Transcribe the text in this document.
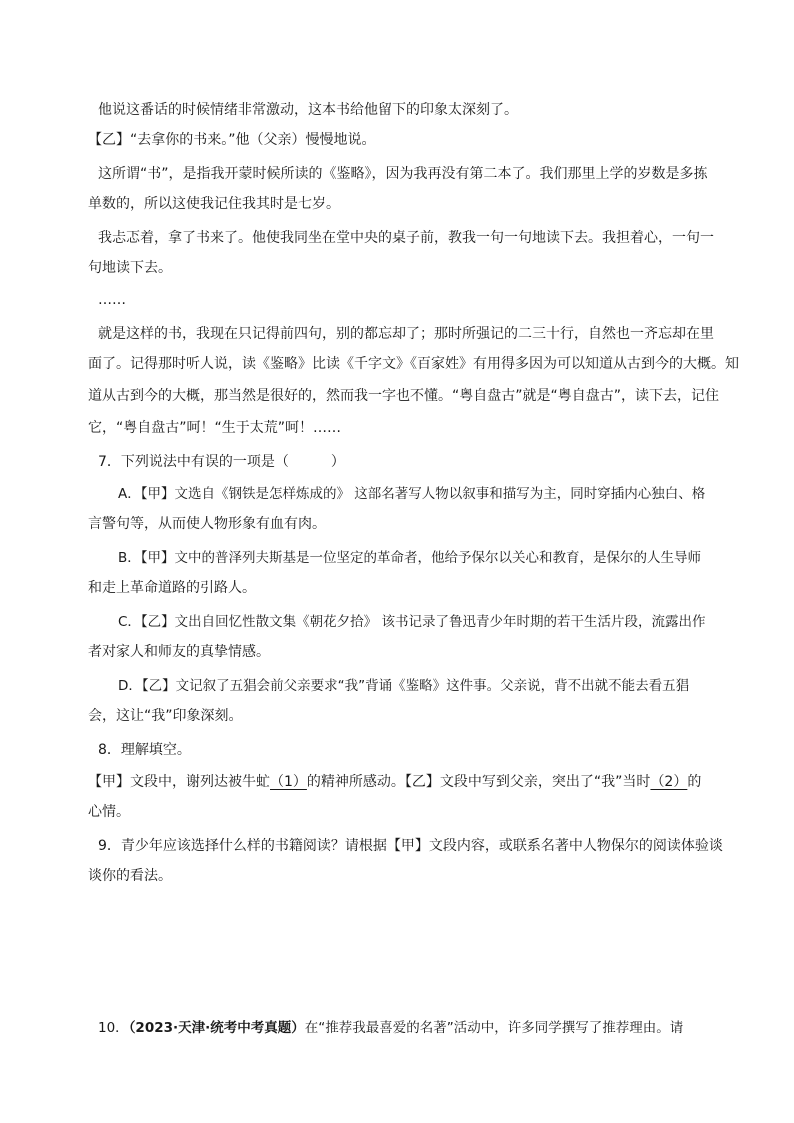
他说这番话的时候情绪非常激动，这本书给他留下的印象太深刻了。
【乙】“去拿你的书来。”他（父亲）慢慢地说。
这所谓“书”，是指我开蒙时候所读的《鉴略》，因为我再没有第二本了。我们那里上学的岁数是多拣
单数的，所以这使我记住我其时是七岁。
我忐忑着，拿了书来了。他使我同坐在堂中央的桌子前，教我一句一句地读下去。我担着心，一句一
句地读下去。
……
就是这样的书，我现在只记得前四句，别的都忘却了；那时所强记的二三十行，自然也一齐忘却在里
面了。记得那时听人说，读《鉴略》比读《千字文》《百家姓》有用得多因为可以知道从古到今的大概。知
道从古到今的大概，那当然是很好的，然而我一字也不懂。“粤自盘古”就是“粤自盘古”，读下去，记住
它，“粤自盘古”呵！“生于太荒”呵！……
7．下列说法中有误的一项是（　　　）
A．【甲】文选自《钢铁是怎样炼成的》 这部名著写人物以叙事和描写为主，同时穿插内心独白、格
言警句等，从而使人物形象有血有肉。
B．【甲】文中的普泽列夫斯基是一位坚定的革命者，他给予保尔以关心和教育，是保尔的人生导师
和走上革命道路的引路人。
C．【乙】文出自回忆性散文集《朝花夕拾》 该书记录了鲁迅青少年时期的若干生活片段，流露出作
者对家人和师友的真挚情感。
D．【乙】文记叙了五猖会前父亲要求“我”背诵《鉴略》这件事。父亲说，背不出就不能去看五猖
会，这让“我”印象深刻。
8．理解填空。
【甲】文段中，谢列达被牛虻（1）的精神所感动。【乙】文段中写到父亲，突出了“我”当时（2）的
心情。
9．青少年应该选择什么样的书籍阅读？请根据【甲】文段内容，或联系名著中人物保尔的阅读体验谈
谈你的看法。
10．（2023·天津·统考中考真题）在“推荐我最喜爱的名著”活动中，许多同学撰写了推荐理由。请
